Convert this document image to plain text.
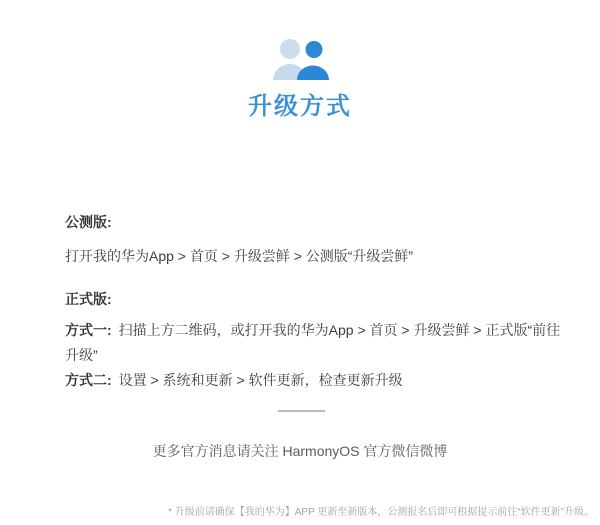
升级方式

公测版:

打开我的华为App > 首页 > 升级尝鲜 > 公测版“升级尝鲜”

正式版:

方式一: 扫描上方二维码，或打开我的华为App > 首页 > 升级尝鲜 > 正式版“前往升级”

方式二: 设置 > 系统和更新 > 软件更新，检查更新升级

更多官方消息请关注 HarmonyOS 官方微信微博
* 升级前请确保【我的华为】APP 更新至新版本，公测报名后即可根据提示前往“软件更新”升级。
